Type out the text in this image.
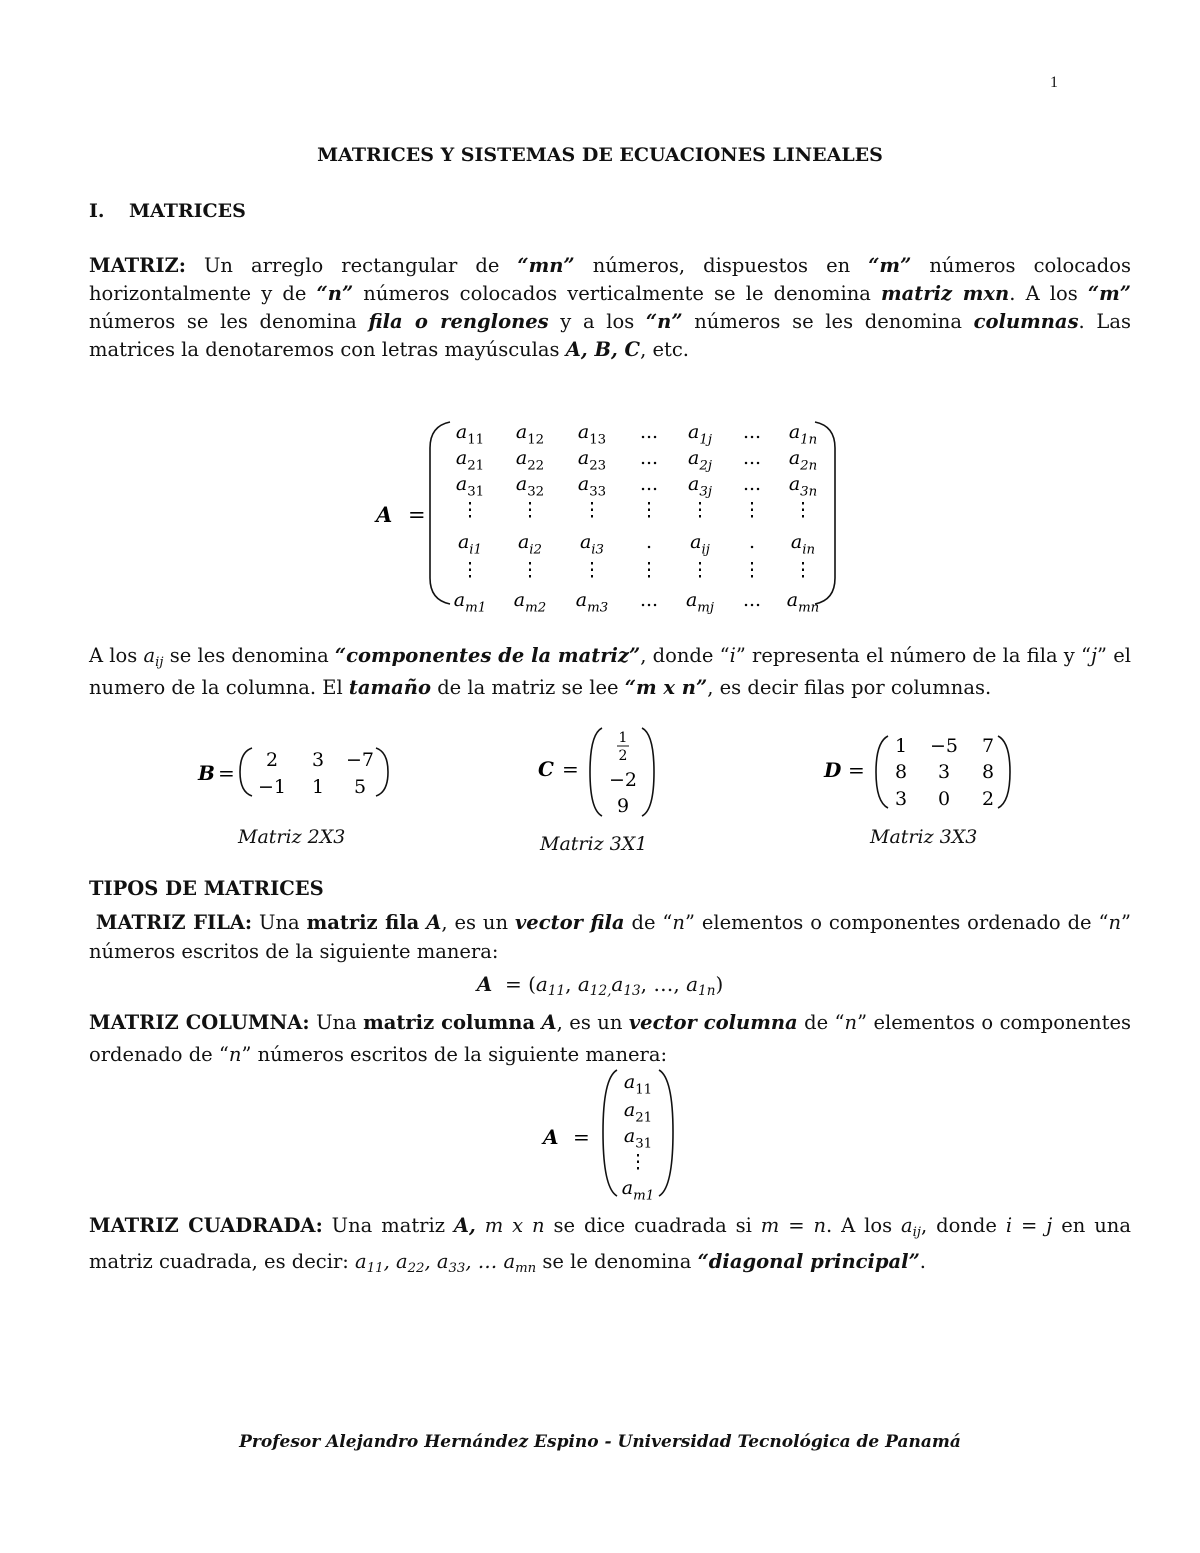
1
MATRICES Y SISTEMAS DE ECUACIONES LINEALES
I. MATRICES
MATRIZ: Un arreglo rectangular de “mn” números, dispuestos en “m” números colocados horizontalmente y de “n” números colocados verticalmente se le denomina matriz mxn. A los “m” números se les denomina fila o renglones y a los “n” números se les denomina columnas. Las matrices la denotaremos con letras mayúsculas A, B, C, etc.
A =
$a_{11}$ $a_{12}$ $a_{13}$ ... $a_{1j}$ ... $a_{1n}$
$a_{21}$ $a_{22}$ $a_{23}$ ... $a_{2j}$ ... $a_{2n}$
$a_{31}$ $a_{32}$ $a_{33}$ ... $a_{3j}$ ... $a_{3n}$
⋮ ⋮ ⋮ ⋮ ⋮ ⋮ ⋮
$a_{i1}$ $a_{i2}$ $a_{i3}$ . $a_{ij}$ . $a_{in}$
⋮ ⋮ ⋮ ⋮ ⋮ ⋮ ⋮
$a_{m1}$ $a_{m2}$ $a_{m3}$ ... $a_{mj}$ ... $a_{mn}$
A los $a_{ij}$ se les denomina “componentes de la matriz”, donde “i” representa el número de la fila y “j” el numero de la columna. El tamaño de la matriz se lee “m x n”, es decir filas por columnas.
B =
2 3 −7
−1 1 5
Matriz 2X3
C =
1
2
−2
9
Matriz 3X1
D =
1 −5 7
8 3 8
3 0 2
Matriz 3X3
TIPOS DE MATRICES
MATRIZ FILA: Una matriz fila A, es un vector fila de “n” elementos o componentes ordenado de “n” números escritos de la siguiente manera:
$A = (a_{11}$, $a_{12,}a_{13}$, …, $a_{1n}$)
MATRIZ COLUMNA: Una matriz columna A, es un vector columna de “n” elementos o componentes ordenado de “n” números escritos de la siguiente manera:
A =
$a_{11}$
$a_{21}$
$a_{31}$
⋮
$a_{m1}$
MATRIZ CUADRADA: Una matriz A, m x n se dice cuadrada si m = n. A los $a_{ij}$, donde i = j en una matriz cuadrada, es decir: $a_{11}$, $a_{22}$, $a_{33}$, … $a_{mn}$ se le denomina “diagonal principal”.
Profesor Alejandro Hernández Espino - Universidad Tecnológica de Panamá
